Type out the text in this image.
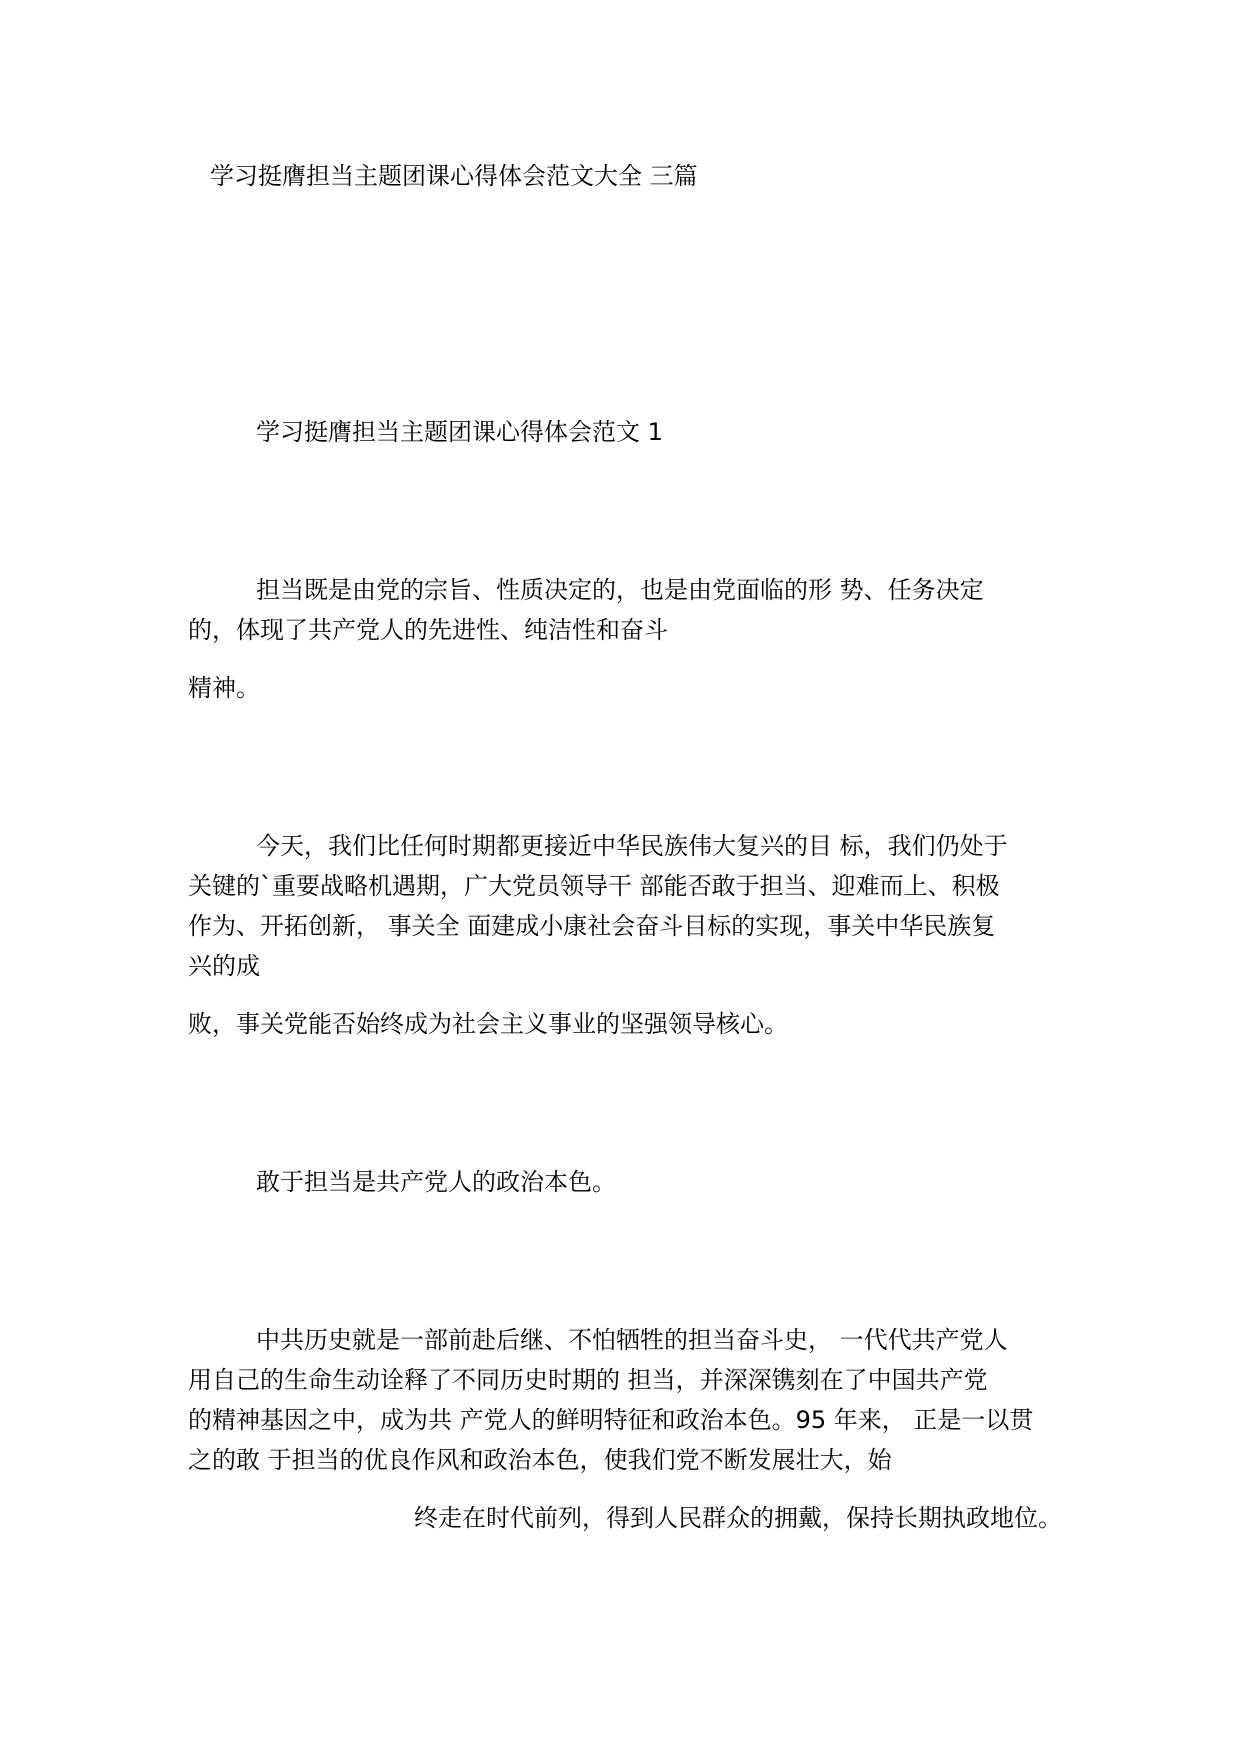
学习挺膺担当主题团课心得体会范文大全 三篇
学习挺膺担当主题团课心得体会范文 1
担当既是由党的宗旨、性质决定的，也是由党面临的形 势、任务决定
的，体现了共产党人的先进性、纯洁性和奋斗
精神。
今天，我们比任何时期都更接近中华民族伟大复兴的目 标，我们仍处于
关键的`重要战略机遇期，广大党员领导干 部能否敢于担当、迎难而上、积极
作为、开拓创新， 事关全 面建成小康社会奋斗目标的实现，事关中华民族复
兴的成
败，事关党能否始终成为社会主义事业的坚强领导核心。
敢于担当是共产党人的政治本色。
中共历史就是一部前赴后继、不怕牺牲的担当奋斗史， 一代代共产党人
用自己的生命生动诠释了不同历史时期的 担当，并深深镌刻在了中国共产党
的精神基因之中，成为共 产党人的鲜明特征和政治本色。95 年来， 正是一以贯
之的敢 于担当的优良作风和政治本色，使我们党不断发展壮大，始
终走在时代前列，得到人民群众的拥戴，保持长期执政地位。
